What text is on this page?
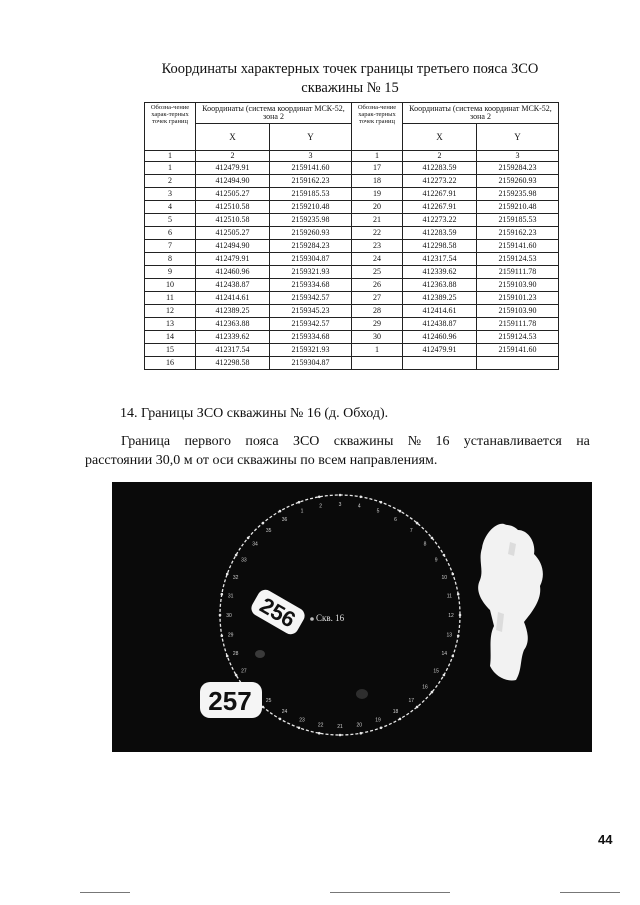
Координаты характерных точек границы третьего пояса ЗСО
скважины № 15
Обозна-чение харак-терных точек границ	Координаты (система координат МСК-52, зона 2		Обозна-чение харак-терных точек границ	Координаты (система координат МСК-52, зона 2	
	X	Y		X	Y
1	2	3	1	2	3
1	412479.91	2159141.60	17	412283.59	2159284.23
2	412494.90	2159162.23	18	412273.22	2159260.93
3	412505.27	2159185.53	19	412267.91	2159235.98
4	412510.58	2159210.48	20	412267.91	2159210.48
5	412510.58	2159235.98	21	412273.22	2159185.53
6	412505.27	2159260.93	22	412283.59	2159162.23
7	412494.90	2159284.23	23	412298.58	2159141.60
8	412479.91	2159304.87	24	412317.54	2159124.53
9	412460.96	2159321.93	25	412339.62	2159111.78
10	412438.87	2159334.68	26	412363.88	2159103.90
11	412414.61	2159342.57	27	412389.25	2159101.23
12	412389.25	2159345.23	28	412414.61	2159103.90
13	412363.88	2159342.57	29	412438.87	2159111.78
14	412339.62	2159334.68	30	412460.96	2159124.53
15	412317.54	2159321.93	1	412479.91	2159141.60
16	412298.58	2159304.87			
14. Границы ЗСО скважины № 16 (д. Обход).
Граница первого пояса ЗСО скважины № 16 устанавливается на
расстоянии 30,0 м от оси скважины по всем направлениям.
4
5
6
7
8
9
10
11
12
13
14
15
16
17
18
19
20
21
22
23
24
25
27
28
29
30
31
32
33
34
35
36
1
2	3
Скв. 16
256
257
44
